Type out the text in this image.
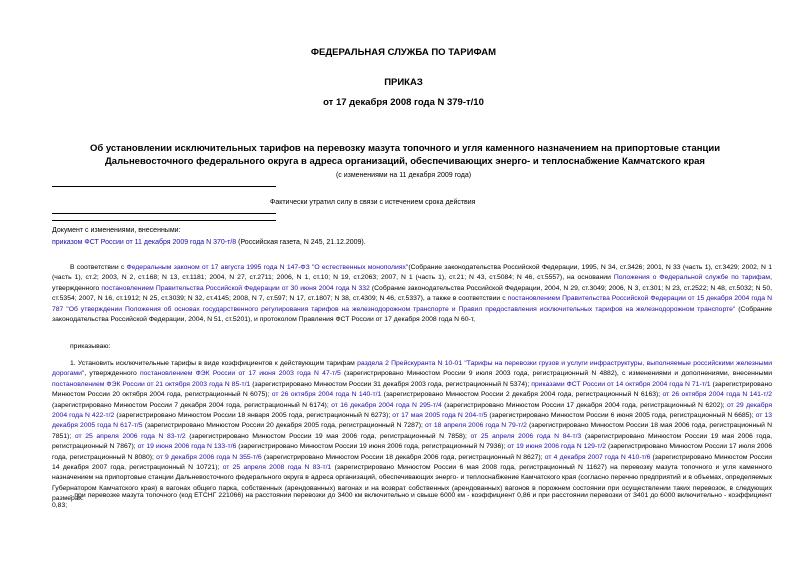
ФЕДЕРАЛЬНАЯ СЛУЖБА ПО ТАРИФАМ
ПРИКАЗ
от 17 декабря 2008 года N 379-т/10
Об установлении исключительных тарифов на перевозку мазута топочного и угля каменного назначением на припортовые станции Дальневосточного федерального округа в адреса организаций, обеспечивающих энерго- и теплоснабжение Камчатского края
(с изменениями на 11 декабря 2009 года)
Фактически утратил силу в связи с истечением срока действия
Документ с изменениями, внесенными:
приказом ФСТ России от 11 декабря 2009 года N 370-т/8 (Российская газета, N 245, 21.12.2009).
В соответствии с Федеральным законом от 17 августа 1995 года N 147-ФЗ "О естественных монополиях"(Собрание законодательства Российской Федерации, 1995, N 34, ст.3426; 2001, N 33 (часть 1), ст.3429; 2002, N 1 (часть 1), ст.2; 2003, N 2, ст.168; N 13, ст.1181; 2004, N 27, ст.2711; 2006, N 1, ст.10; N 19, ст.2063; 2007, N 1 (часть 1), ст.21; N 43, ст.5084; N 46, ст.5557), на основании Положения о Федеральной службе по тарифам, утвержденного постановлением Правительства Российской Федерации от 30 июня 2004 года N 332 (Собрание законодательства Российской Федерации, 2004, N 29, ст.3049; 2006, N 3, ст.301; N 23, ст.2522; N 48, ст.5032; N 50, ст.5354; 2007, N 16, ст.1912; N 25, ст.3039; N 32, ст.4145; 2008, N 7, ст.597; N 17, ст.1807; N 38, ст.4309; N 46, ст.5337), а также в соответствии с постановлением Правительства Российской Федерации от 15 декабря 2004 года N 787 "Об утверждении Положения об основах государственного регулирования тарифов на железнодорожном транспорте и Правил предоставления исключительных тарифов на железнодорожном транспорте" (Собрание законодательства Российской Федерации, 2004, N 51, ст.5201), и протоколом Правления ФСТ России от 17 декабря 2008 года N 60-т,
приказываю:
1. Установить исключительные тарифы в виде коэффициентов к действующим тарифам раздела 2 Прейскуранта N 10-01 "Тарифы на перевозки грузов и услуги инфраструктуры, выполняемые российскими железными дорогами", утвержденного постановлением ФЭК России от 17 июня 2003 года N 47-т/5 (зарегистрировано Минюстом России 9 июля 2003 года, регистрационный N 4882), с изменениями и дополнениями, внесенными постановлением ФЭК России от 21 октября 2003 года N 85-т/1 (зарегистрировано Минюстом России 31 декабря 2003 года, регистрационный N 5374); приказами ФСТ России от 14 октября 2004 года N 71-т/1 (зарегистрировано Минюстом России 20 октября 2004 года, регистрационный N 6075); от 26 октября 2004 года N 140-т/1 (зарегистрировано Минюстом России 2 декабря 2004 года, регистрационный N 6163); от 26 октября 2004 года N 141-т/2 (зарегистрировано Минюстом России 7 декабря 2004 года, регистрационный N 6174); от 16 декабря 2004 года N 295-т/4 (зарегистрировано Минюстом России 17 декабря 2004 года, регистрационный N 6202); от 29 декабря 2004 года N 422-т/2 (зарегистрировано Минюстом России 18 января 2005 года, регистрационный N 6273); от 17 мая 2005 года N 204-т/5 (зарегистрировано Минюстом России 6 июня 2005 года, регистрационный N 6685); от 13 декабря 2005 года N 617-т/5 (зарегистрировано Минюстом России 20 декабря 2005 года, регистрационный N 7287); от 18 апреля 2006 года N 79-т/2 (зарегистрировано Минюстом России 18 мая 2006 года, регистрационный N 7851); от 25 апреля 2006 года N 83-т/2 (зарегистрировано Минюстом России 19 мая 2006 года, регистрационный N 7858); от 25 апреля 2006 года N 84-т/3 (зарегистрировано Минюстом России 19 мая 2006 года, регистрационный N 7867); от 19 июня 2006 года N 133-т/6 (зарегистрировано Минюстом России 19 июня 2006 года, регистрационный N 7936); от 19 июня 2006 года N 129-т/2 (зарегистрировано Минюстом России 17 июля 2006 года, регистрационный N 8080); от 9 декабря 2006 года N 355-т/6 (зарегистрировано Минюстом России 18 декабря 2006 года, регистрационный N 8627); от 4 декабря 2007 года N 410-т/6 (зарегистрировано Минюстом России 14 декабря 2007 года, регистрационный N 10721); от 25 апреля 2008 года N 83-т/1 (зарегистрировано Минюстом России 6 мая 2008 года, регистрационный N 11627) на перевозку мазута топочного и угля каменного назначением на припортовые станции Дальневосточного федерального округа в адреса организаций, обеспечивающих энерго- и теплоснабжение Камчатского края (согласно перечню предприятий и в объемах, определяемых Губернатором Камчатского края) в вагонах общего парка, собственных (арендованных) вагонах и на возврат собственных (арендованных) вагонов в порожнем состоянии при осуществлении таких перевозок, в следующих размерах:
- при перевозке мазута топочного (код ЕТСНГ 221066) на расстоянии перевозки до 3400 км включительно и свыше 6000 км - коэффициент 0,86 и при расстоянии перевозки от 3401 до 6000 включительно - коэффициент 0,83;
